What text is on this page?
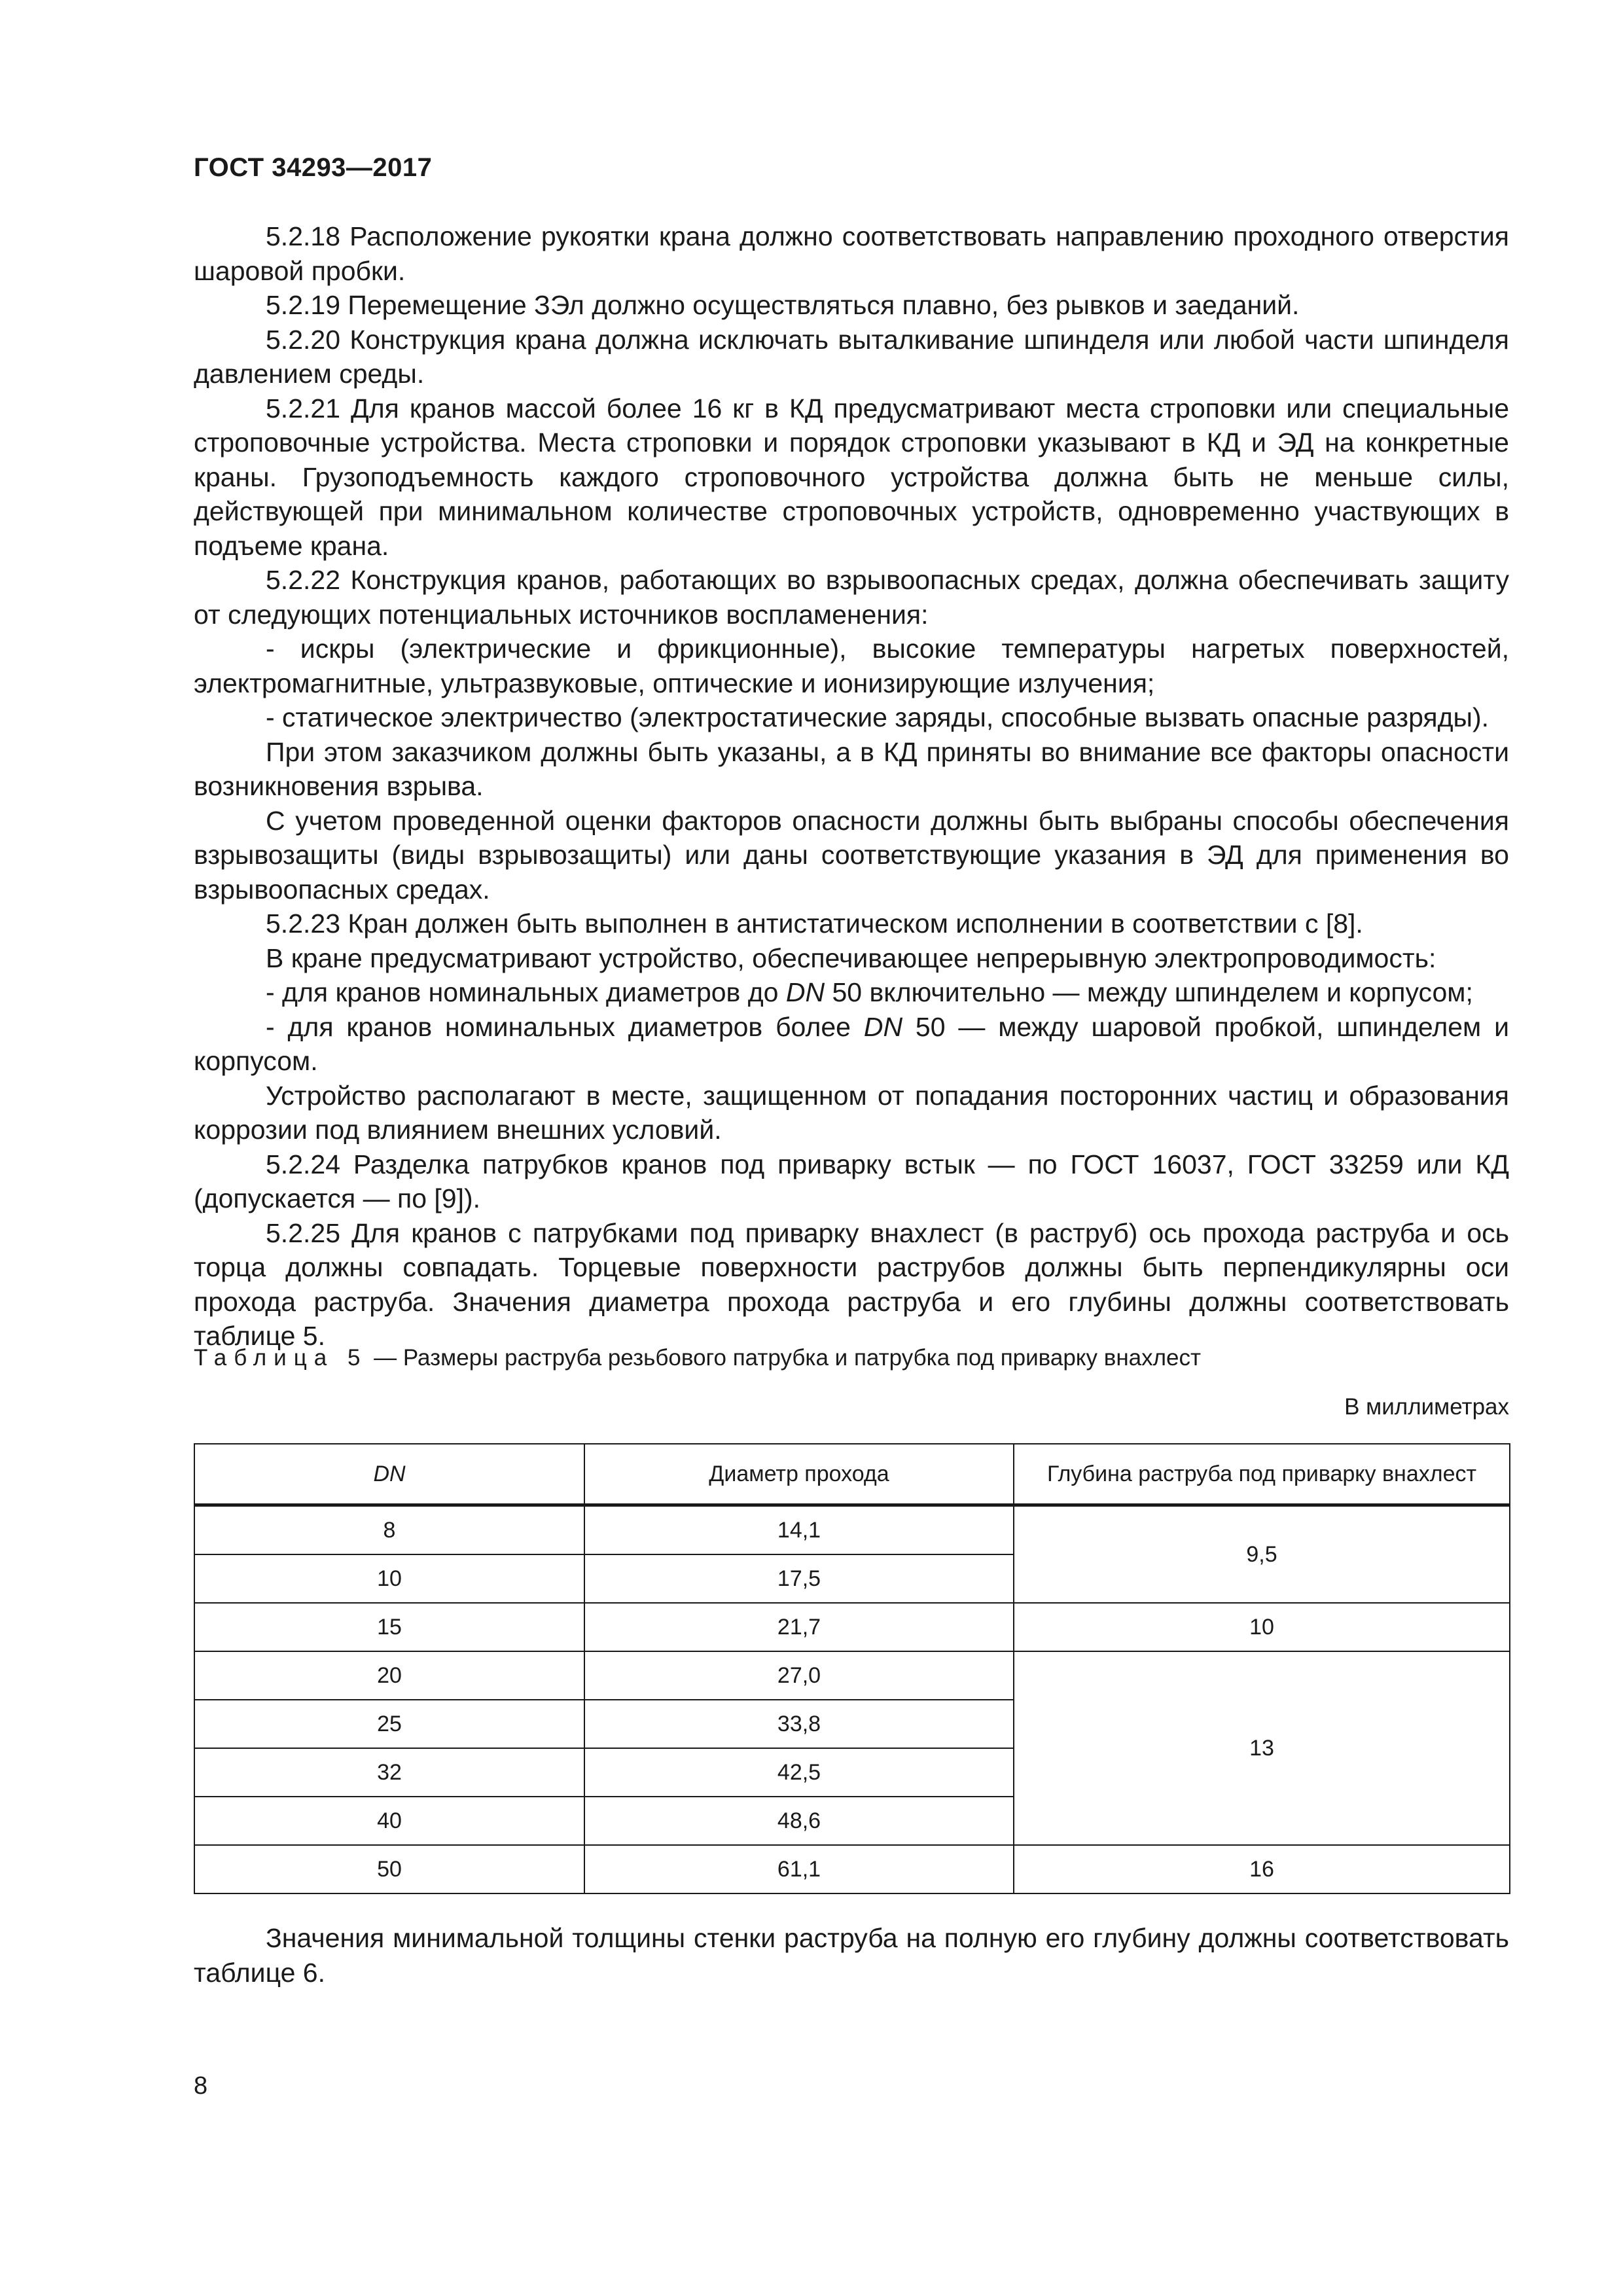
ГОСТ 34293—2017

5.2.18 Расположение рукоятки крана должно соответствовать направлению проходного отверстия шаровой пробки.

5.2.19 Перемещение ЗЭл должно осуществляться плавно, без рывков и заеданий.

5.2.20 Конструкция крана должна исключать выталкивание шпинделя или любой части шпинделя давлением среды.

5.2.21 Для кранов массой более 16 кг в КД предусматривают места строповки или специальные строповочные устройства. Места строповки и порядок строповки указывают в КД и ЭД на конкретные краны. Грузоподъемность каждого строповочного устройства должна быть не меньше силы, действующей при минимальном количестве строповочных устройств, одновременно участвующих в подъеме крана.

5.2.22 Конструкция кранов, работающих во взрывоопасных средах, должна обеспечивать защиту от следующих потенциальных источников воспламенения:

- искры (электрические и фрикционные), высокие температуры нагретых поверхностей, электромагнитные, ультразвуковые, оптические и ионизирующие излучения;

- статическое электричество (электростатические заряды, способные вызвать опасные разряды).

При этом заказчиком должны быть указаны, а в КД приняты во внимание все факторы опасности возникновения взрыва.

С учетом проведенной оценки факторов опасности должны быть выбраны способы обеспечения взрывозащиты (виды взрывозащиты) или даны соответствующие указания в ЭД для применения во взрывоопасных средах.

5.2.23 Кран должен быть выполнен в антистатическом исполнении в соответствии с [8].

В кране предусматривают устройство, обеспечивающее непрерывную электропроводимость:

- для кранов номинальных диаметров до DN 50 включительно — между шпинделем и корпусом;

- для кранов номинальных диаметров более DN 50 — между шаровой пробкой, шпинделем и корпусом.

Устройство располагают в месте, защищенном от попадания посторонних частиц и образования коррозии под влиянием внешних условий.

5.2.24 Разделка патрубков кранов под приварку встык — по ГОСТ 16037, ГОСТ 33259 или КД (допускается — по [9]).

5.2.25 Для кранов с патрубками под приварку внахлест (в раструб) ось прохода раструба и ось торца должны совпадать. Торцевые поверхности раструбов должны быть перпендикулярны оси прохода раструба. Значения диаметра прохода раструба и его глубины должны соответствовать таблице 5.

Таблица 5 — Размеры раструба резьбового патрубка и патрубка под приварку внахлест
В миллиметрах
DN	Диаметр прохода	Глубина раструба под приварку внахлест
8	14,1	9,5
10	17,5	
15	21,7	10
20	27,0	13
25	33,8	
32	42,5	
40	48,6	
50	61,1	16

Значения минимальной толщины стенки раструба на полную его глубину должны соответствовать таблице 6.

8
